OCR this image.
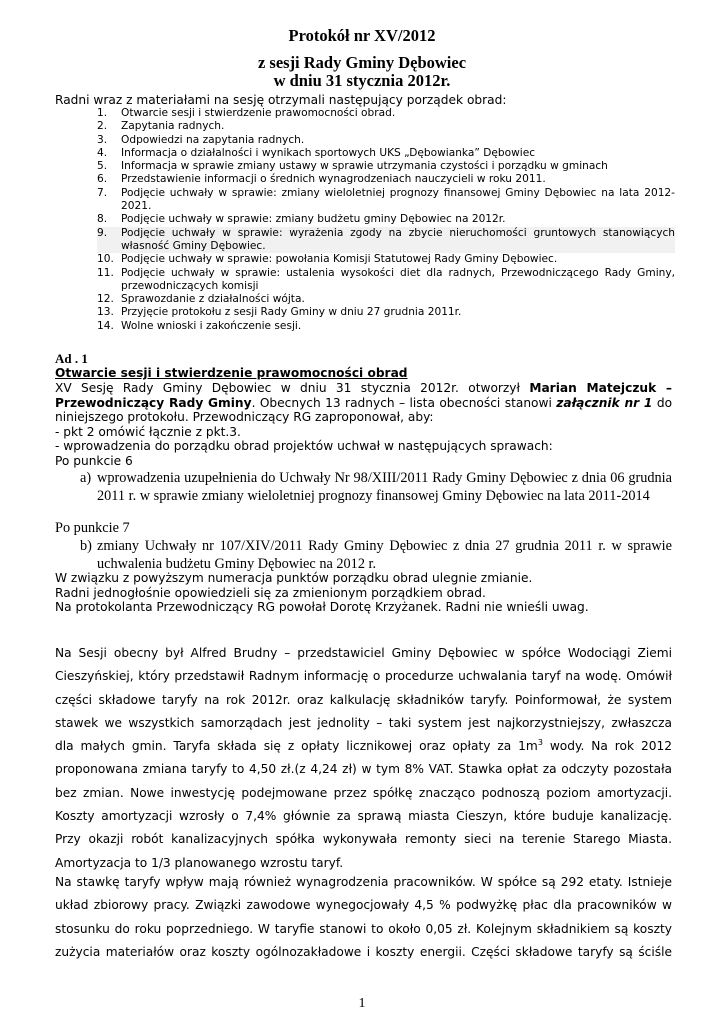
Protokół nr XV/2012
z sesji Rady Gminy Dębowiec
w dniu 31 stycznia 2012r.
Radni wraz z materiałami na sesję otrzymali następujący porządek obrad:
1. Otwarcie sesji i stwierdzenie prawomocności obrad.
2. Zapytania radnych.
3. Odpowiedzi na zapytania radnych.
4. Informacja o działalności i wynikach sportowych UKS „Dębowianka” Dębowiec
5. Informacja w sprawie zmiany ustawy w sprawie utrzymania czystości i porządku w gminach
6. Przedstawienie informacji o średnich wynagrodzeniach nauczycieli w roku 2011.
7. Podjęcie uchwały w sprawie: zmiany wieloletniej prognozy finansowej Gminy Dębowiec na lata 2012-2021.
8. Podjęcie uchwały w sprawie: zmiany budżetu gminy Dębowiec na 2012r.
9. Podjęcie uchwały w sprawie: wyrażenia zgody na zbycie nieruchomości gruntowych stanowiących własność Gminy Dębowiec.
10. Podjęcie uchwały w sprawie: powołania Komisji Statutowej Rady Gminy Dębowiec.
11. Podjęcie uchwały w sprawie: ustalenia wysokości diet dla radnych, Przewodniczącego Rady Gminy, przewodniczących komisji
12. Sprawozdanie z działalności wójta.
13. Przyjęcie protokołu z sesji Rady Gminy w dniu 27 grudnia 2011r.
14. Wolne wnioski i zakończenie sesji.
Ad . 1
Otwarcie sesji i stwierdzenie prawomocności obrad
XV Sesję Rady Gminy Dębowiec w dniu 31 stycznia 2012r. otworzył Marian Matejczuk –
Przewodniczący Rady Gminy. Obecnych 13 radnych – lista obecności stanowi załącznik nr 1 do
niniejszego protokołu. Przewodniczący RG zaproponował, aby:
- pkt 2 omówić łącznie z pkt.3.
- wprowadzenia do porządku obrad projektów uchwał w następujących sprawach:
Po punkcie 6
a) wprowadzenia uzupełnienia do Uchwały Nr 98/XIII/2011 Rady Gminy Dębowiec z dnia 06 grudnia 2011 r. w sprawie zmiany wieloletniej prognozy finansowej Gminy Dębowiec na lata 2011-2014
Po punkcie 7
b) zmiany Uchwały nr 107/XIV/2011 Rady Gminy Dębowiec z dnia 27 grudnia 2011 r. w sprawie uchwalenia budżetu Gminy Dębowiec na 2012 r.
W związku z powyższym numeracja punktów porządku obrad ulegnie zmianie.
Radni jednogłośnie opowiedzieli się za zmienionym porządkiem obrad.
Na protokolanta Przewodniczący RG powołał Dorotę Krzyżanek. Radni nie wnieśli uwag.
Na Sesji obecny był Alfred Brudny – przedstawiciel Gminy Dębowiec w spółce Wodociągi Ziemi
Cieszyńskiej, który przedstawił Radnym informację o procedurze uchwalania taryf na wodę. Omówił
części składowe taryfy na rok 2012r. oraz kalkulację składników taryfy. Poinformował, że system
stawek we wszystkich samorządach jest jednolity – taki system jest najkorzystniejszy, zwłaszcza
dla małych gmin. Taryfa składa się z opłaty licznikowej oraz opłaty za $1m^3$ wody. Na rok 2012
proponowana zmiana taryfy to 4,50 zł.(z 4,24 zł) w tym 8% VAT. Stawka opłat za odczyty pozostała
bez zmian. Nowe inwestycję podejmowane przez spółkę znacząco podnoszą poziom amortyzacji.
Koszty amortyzacji wzrosły o 7,4% głównie za sprawą miasta Cieszyn, które buduje kanalizację.
Przy okazji robót kanalizacyjnych spółka wykonywała remonty sieci na terenie Starego Miasta.
Amortyzacja to 1/3 planowanego wzrostu taryf.
Na stawkę taryfy wpływ mają również wynagrodzenia pracowników. W spółce są 292 etaty. Istnieje
układ zbiorowy pracy. Związki zawodowe wynegocjowały 4,5 % podwyżkę płac dla pracowników w
stosunku do roku poprzedniego. W taryfie stanowi to około 0,05 zł. Kolejnym składnikiem są koszty
zużycia materiałów oraz koszty ogólnozakładowe i koszty energii. Części składowe taryfy są ściśle
1
